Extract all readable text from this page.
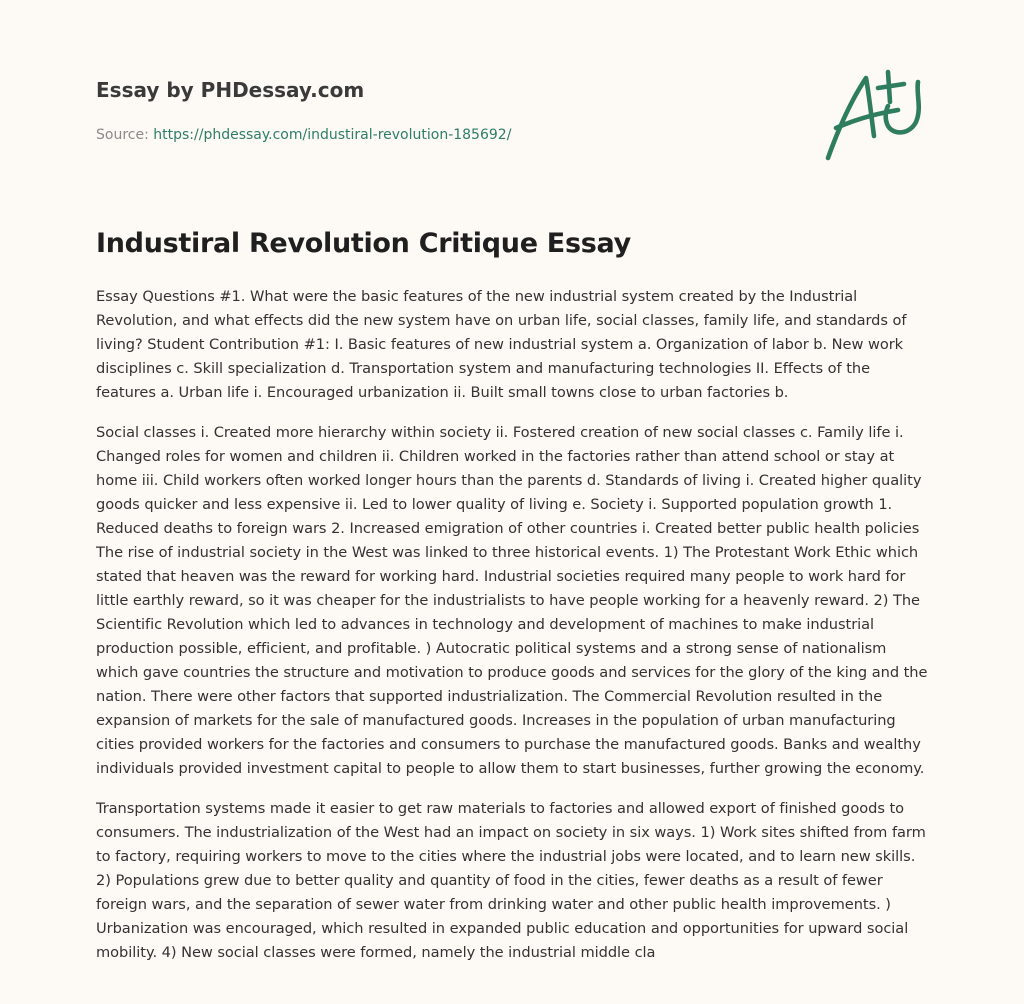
Essay by PHDessay.com
Source: https://phdessay.com/industiral-revolution-185692/
Industiral Revolution Critique Essay

Essay Questions #1. What were the basic features of the new industrial system created by the Industrial Revolution, and what effects did the new system have on urban life, social classes, family life, and standards of living? Student Contribution #1: I. Basic features of new industrial system a. Organization of labor b. New work disciplines c. Skill specialization d. Transportation system and manufacturing technologies II. Effects of the features a. Urban life i. Encouraged urbanization ii. Built small towns close to urban factories b.

Social classes i. Created more hierarchy within society ii. Fostered creation of new social classes c. Family life i. Changed roles for women and children ii. Children worked in the factories rather than attend school or stay at home iii. Child workers often worked longer hours than the parents d. Standards of living i. Created higher quality goods quicker and less expensive ii. Led to lower quality of living e. Society i. Supported population growth 1. Reduced deaths to foreign wars 2. Increased emigration of other countries i. Created better public health policies The rise of industrial society in the West was linked to three historical events. 1) The Protestant Work Ethic which stated that heaven was the reward for working hard. Industrial societies required many people to work hard for little earthly reward, so it was cheaper for the industrialists to have people working for a heavenly reward. 2) The Scientific Revolution which led to advances in technology and development of machines to make industrial production possible, efficient, and profitable. ) Autocratic political systems and a strong sense of nationalism which gave countries the structure and motivation to produce goods and services for the glory of the king and the nation. There were other factors that supported industrialization. The Commercial Revolution resulted in the expansion of markets for the sale of manufactured goods. Increases in the population of urban manufacturing cities provided workers for the factories and consumers to purchase the manufactured goods. Banks and wealthy individuals provided investment capital to people to allow them to start businesses, further growing the economy.

Transportation systems made it easier to get raw materials to factories and allowed export of finished goods to consumers. The industrialization of the West had an impact on society in six ways. 1) Work sites shifted from farm to factory, requiring workers to move to the cities where the industrial jobs were located, and to learn new skills. 2) Populations grew due to better quality and quantity of food in the cities, fewer deaths as a result of fewer foreign wars, and the separation of sewer water from drinking water and other public health improvements. ) Urbanization was encouraged, which resulted in expanded public education and opportunities for upward social mobility. 4) New social classes were formed, namely the industrial middle cla
